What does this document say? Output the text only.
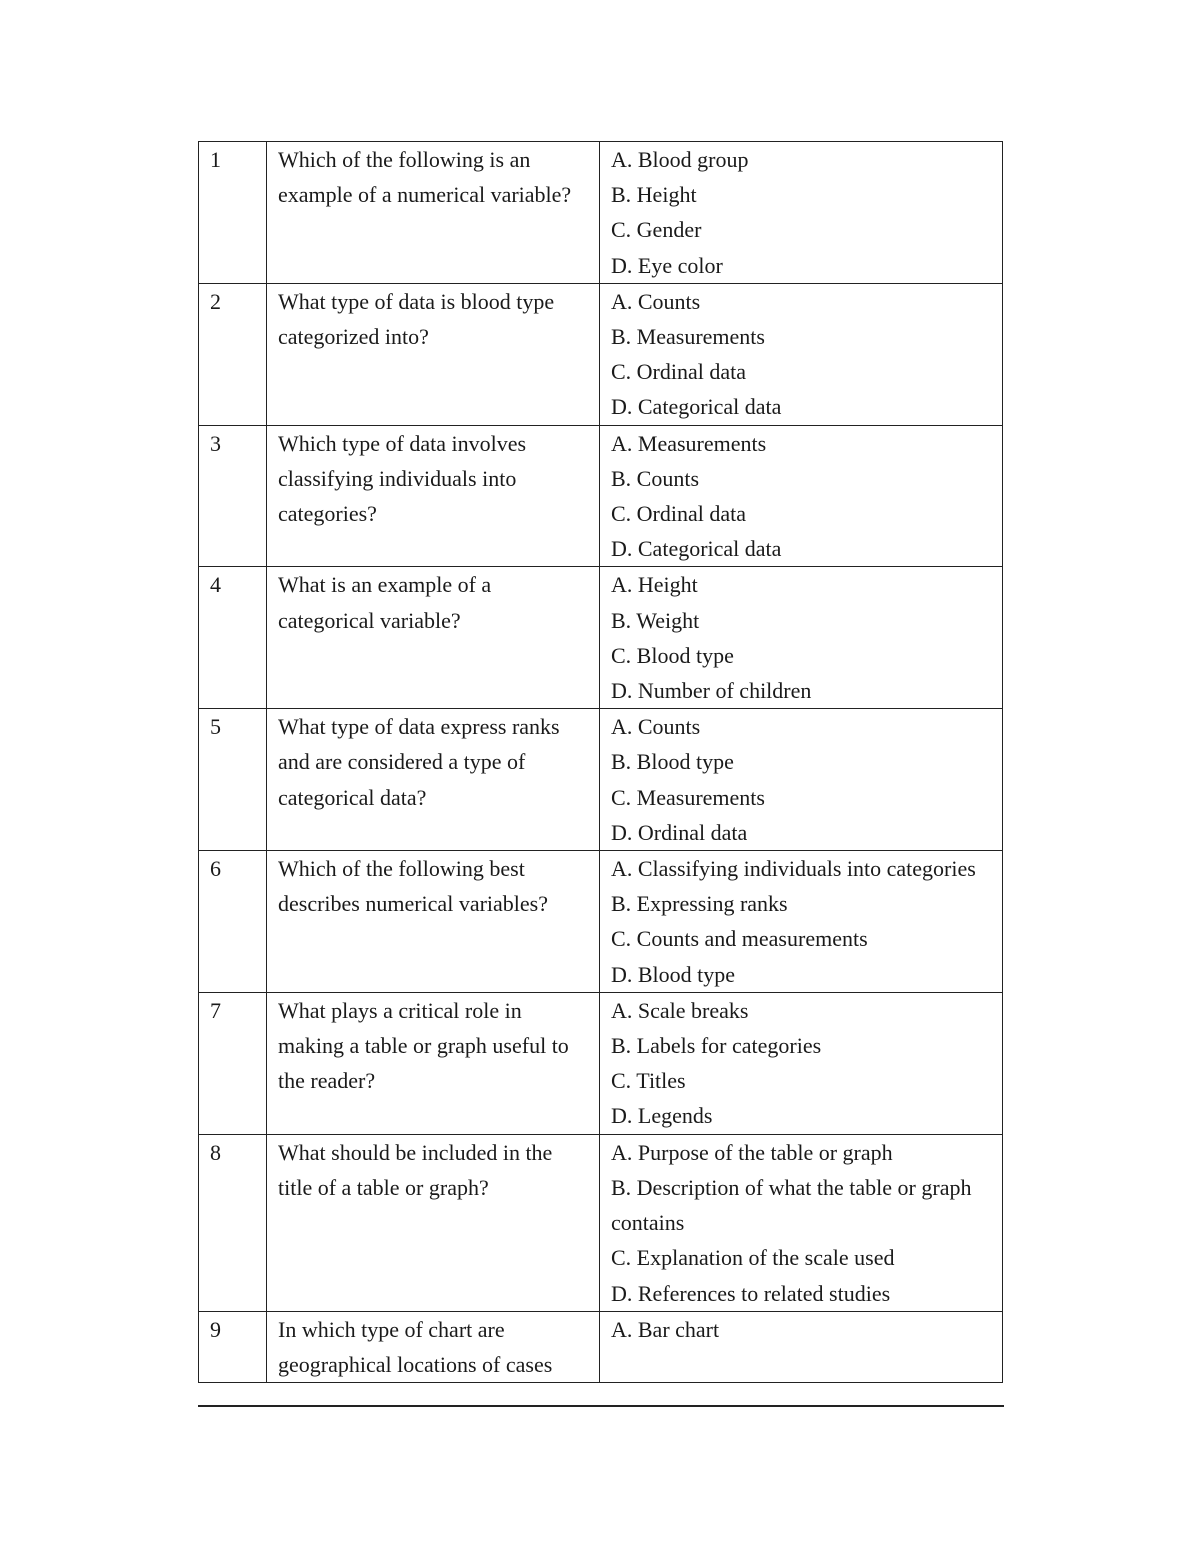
1	Which of the following is an example of a numerical variable?	A. Blood group
B. Height
C. Gender
D. Eye color

2	What type of data is blood type categorized into?	A. Counts
B. Measurements
C. Ordinal data
D. Categorical data

3	Which type of data involves classifying individuals into categories?	A. Measurements
B. Counts
C. Ordinal data
D. Categorical data

4	What is an example of a categorical variable?	A. Height
B. Weight
C. Blood type
D. Number of children

5	What type of data express ranks and are considered a type of categorical data?	A. Counts
B. Blood type
C. Measurements
D. Ordinal data

6	Which of the following best describes numerical variables?	A. Classifying individuals into categories
B. Expressing ranks
C. Counts and measurements
D. Blood type

7	What plays a critical role in making a table or graph useful to the reader?	A. Scale breaks
B. Labels for categories
C. Titles
D. Legends

8	What should be included in the title of a table or graph?	A. Purpose of the table or graph
B. Description of what the table or graph contains
C. Explanation of the scale used
D. References to related studies

9	In which type of chart are geographical locations of cases	A. Bar chart
